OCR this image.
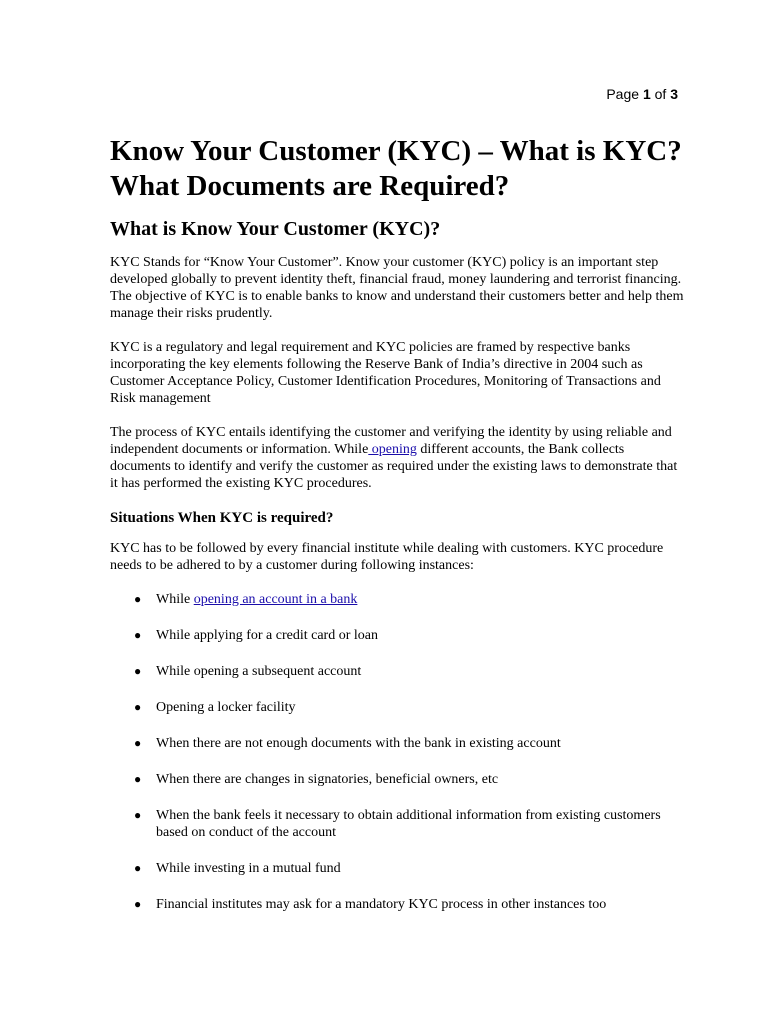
Page 1 of 3
Know Your Customer (KYC) – What is KYC? What Documents are Required?
What is Know Your Customer (KYC)?

KYC Stands for “Know Your Customer”. Know your customer (KYC) policy is an important step developed globally to prevent identity theft, financial fraud, money laundering and terrorist financing. The objective of KYC is to enable banks to know and understand their customers better and help them manage their risks prudently.

KYC is a regulatory and legal requirement and KYC policies are framed by respective banks incorporating the key elements following the Reserve Bank of India’s directive in 2004 such as Customer Acceptance Policy, Customer Identification Procedures, Monitoring of Transactions and Risk management

The process of KYC entails identifying the customer and verifying the identity by using reliable and independent documents or information. While opening different accounts, the Bank collects documents to identify and verify the customer as required under the existing laws to demonstrate that it has performed the existing KYC procedures.

Situations When KYC is required?

KYC has to be followed by every financial institute while dealing with customers. KYC procedure needs to be adhered to by a customer during following instances:

● While opening an account in a bank
● While applying for a credit card or loan
● While opening a subsequent account
● Opening a locker facility
● When there are not enough documents with the bank in existing account
● When there are changes in signatories, beneficial owners, etc
● When the bank feels it necessary to obtain additional information from existing customers based on conduct of the account
● While investing in a mutual fund
● Financial institutes may ask for a mandatory KYC process in other instances too
